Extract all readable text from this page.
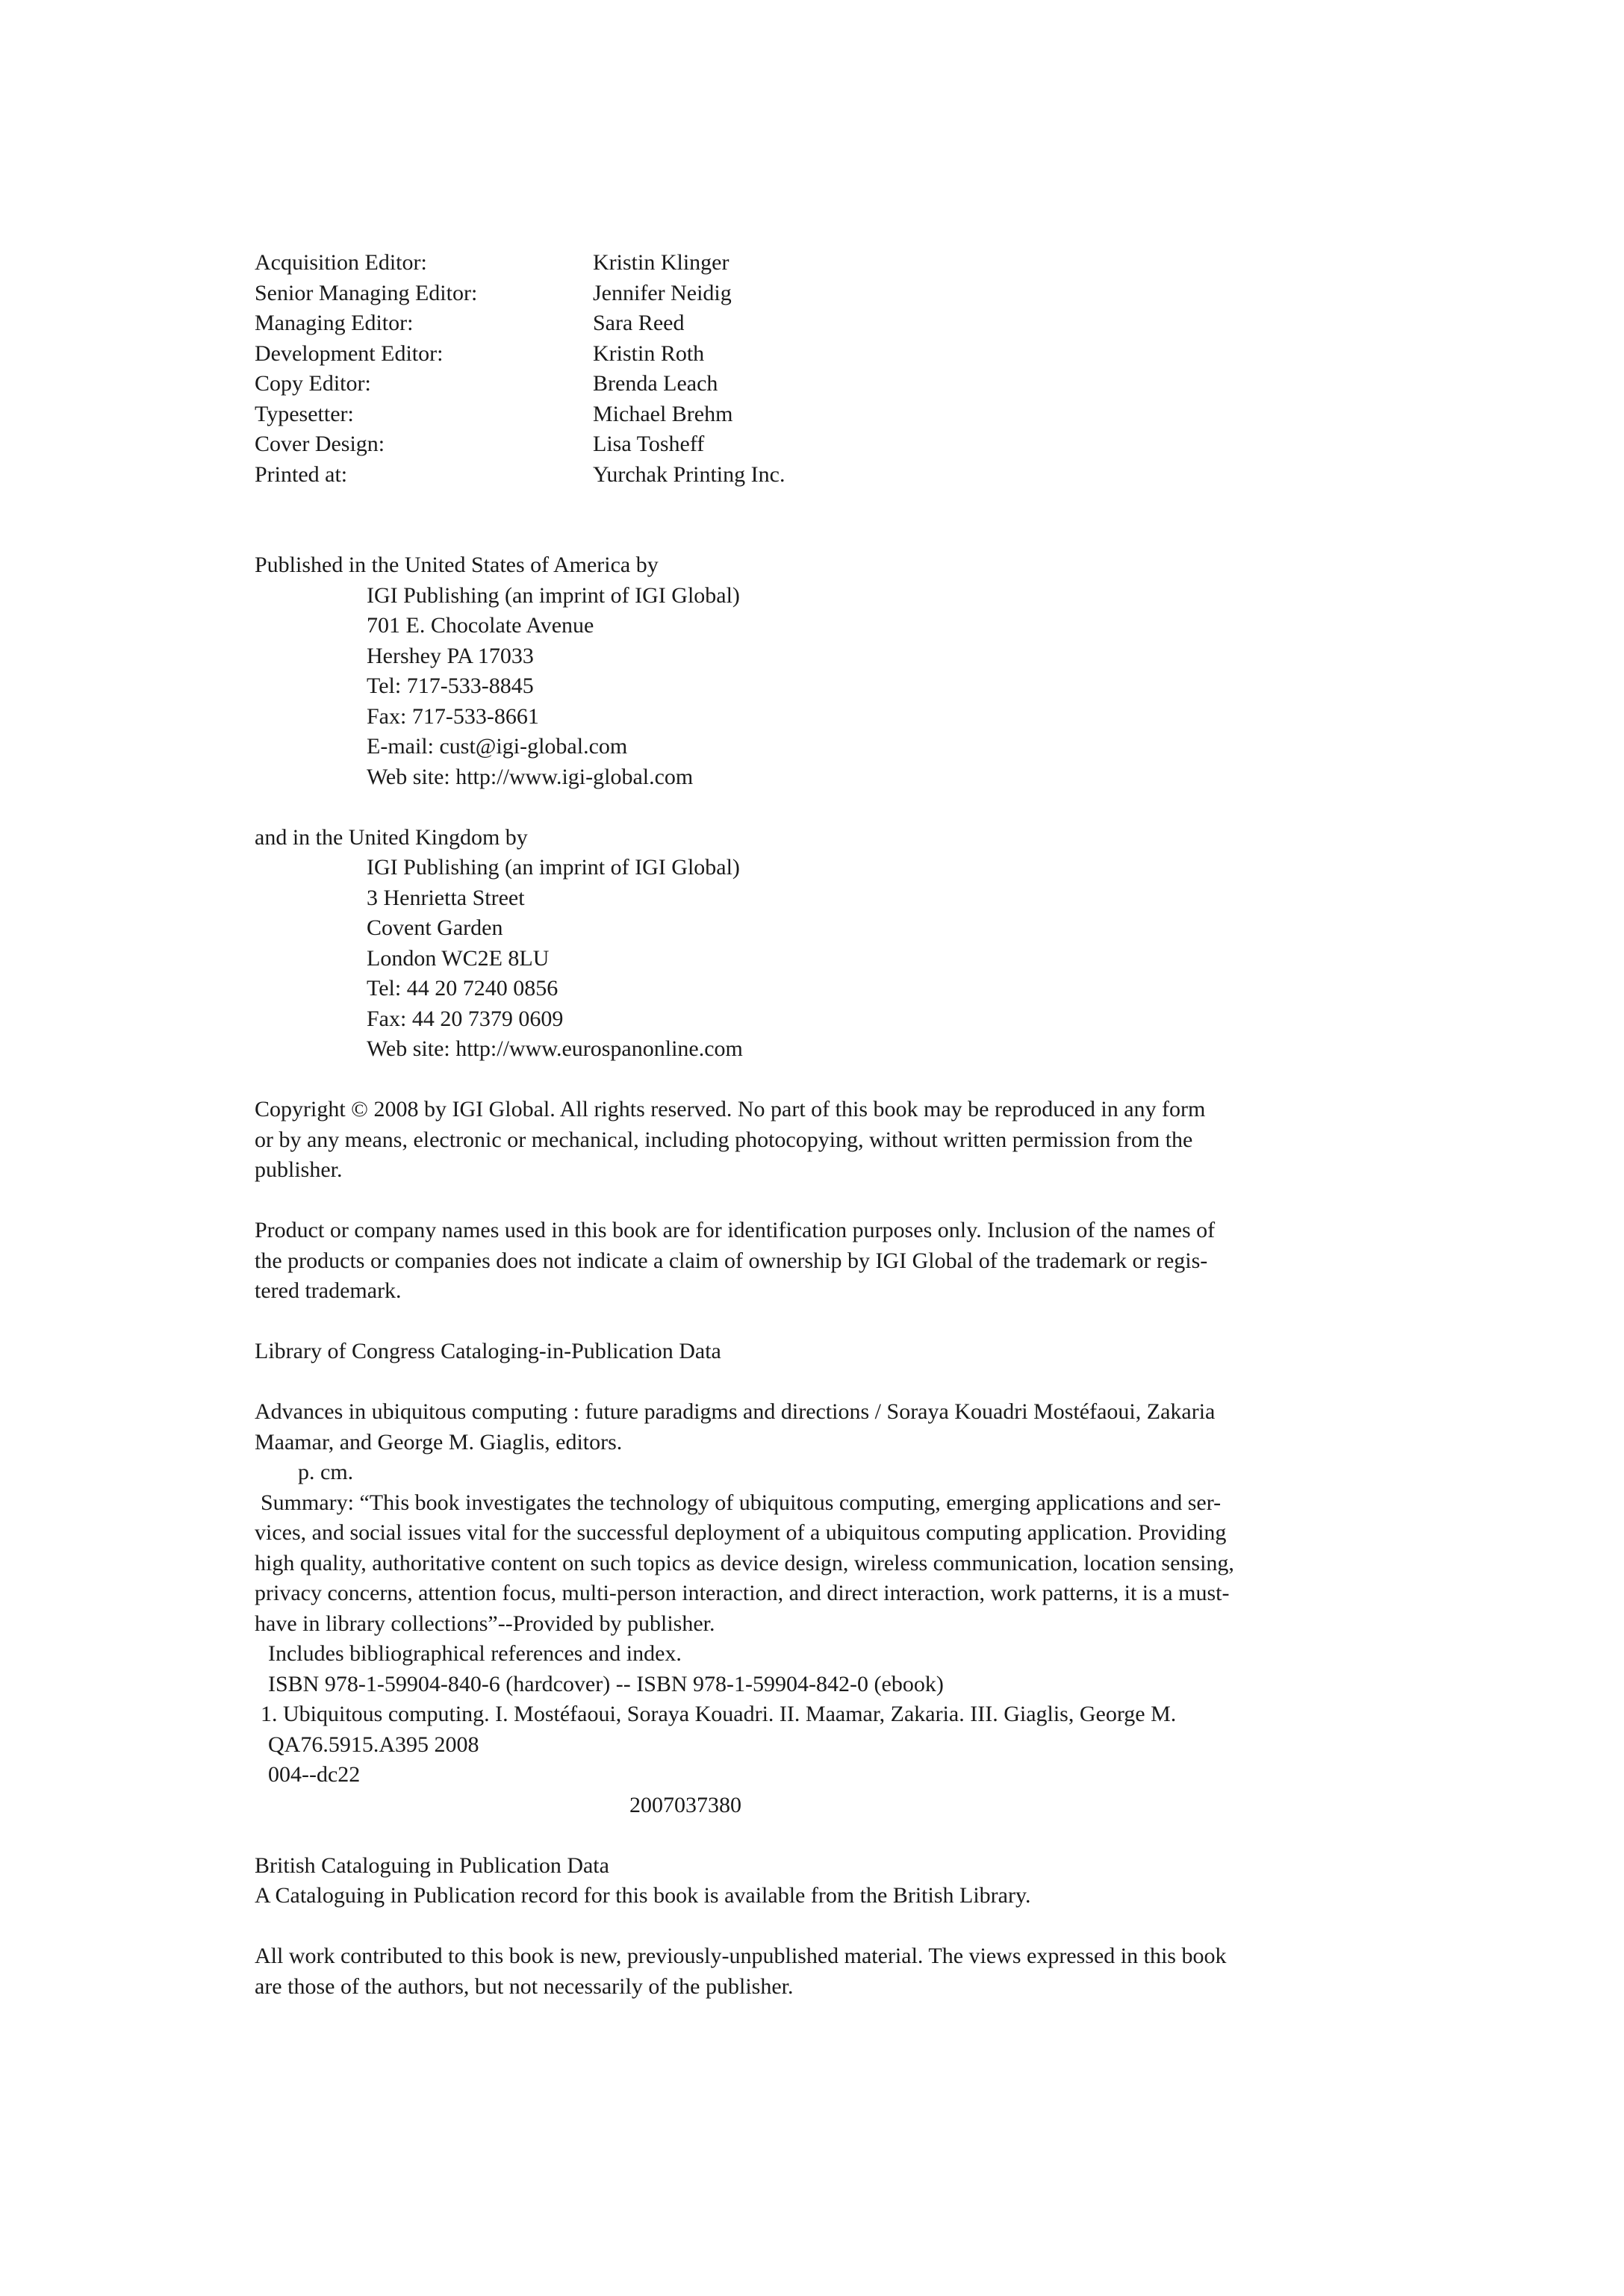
Acquisition Editor:	Kristin Klinger
Senior Managing Editor:	Jennifer Neidig
Managing Editor:	Sara Reed
Development Editor:	Kristin Roth
Copy Editor:	Brenda Leach
Typesetter:	Michael Brehm
Cover Design:	Lisa Tosheff
Printed at:	Yurchak Printing Inc.
Published in the United States of America by
IGI Publishing (an imprint of IGI Global)
701 E. Chocolate Avenue
Hershey PA 17033
Tel: 717-533-8845
Fax: 717-533-8661
E-mail: cust@igi-global.com
Web site: http://www.igi-global.com
and in the United Kingdom by
IGI Publishing (an imprint of IGI Global)
3 Henrietta Street
Covent Garden
London WC2E 8LU
Tel: 44 20 7240 0856
Fax: 44 20 7379 0609
Web site: http://www.eurospanonline.com
Copyright © 2008 by IGI Global. All rights reserved. No part of this book may be reproduced in any form
or by any means, electronic or mechanical, including photocopying, without written permission from the
publisher.
Product or company names used in this book are for identification purposes only. Inclusion of the names of
the products or companies does not indicate a claim of ownership by IGI Global of the trademark or regis-
tered trademark.
Library of Congress Cataloging-in-Publication Data
Advances in ubiquitous computing : future paradigms and directions / Soraya Kouadri Mostéfaoui, Zakaria
Maamar, and George M. Giaglis, editors.
p. cm.
Summary: “This book investigates the technology of ubiquitous computing, emerging applications and ser-
vices, and social issues vital for the successful deployment of a ubiquitous computing application. Providing
high quality, authoritative content on such topics as device design, wireless communication, location sensing,
privacy concerns, attention focus, multi-person interaction, and direct interaction, work patterns, it is a must-
have in library collections”--Provided by publisher.
Includes bibliographical references and index.
ISBN 978-1-59904-840-6 (hardcover) -- ISBN 978-1-59904-842-0 (ebook)
1. Ubiquitous computing. I. Mostéfaoui, Soraya Kouadri. II. Maamar, Zakaria. III. Giaglis, George M.
QA76.5915.A395 2008
004--dc22
2007037380
British Cataloguing in Publication Data
A Cataloguing in Publication record for this book is available from the British Library.
All work contributed to this book is new, previously-unpublished material. The views expressed in this book
are those of the authors, but not necessarily of the publisher.
